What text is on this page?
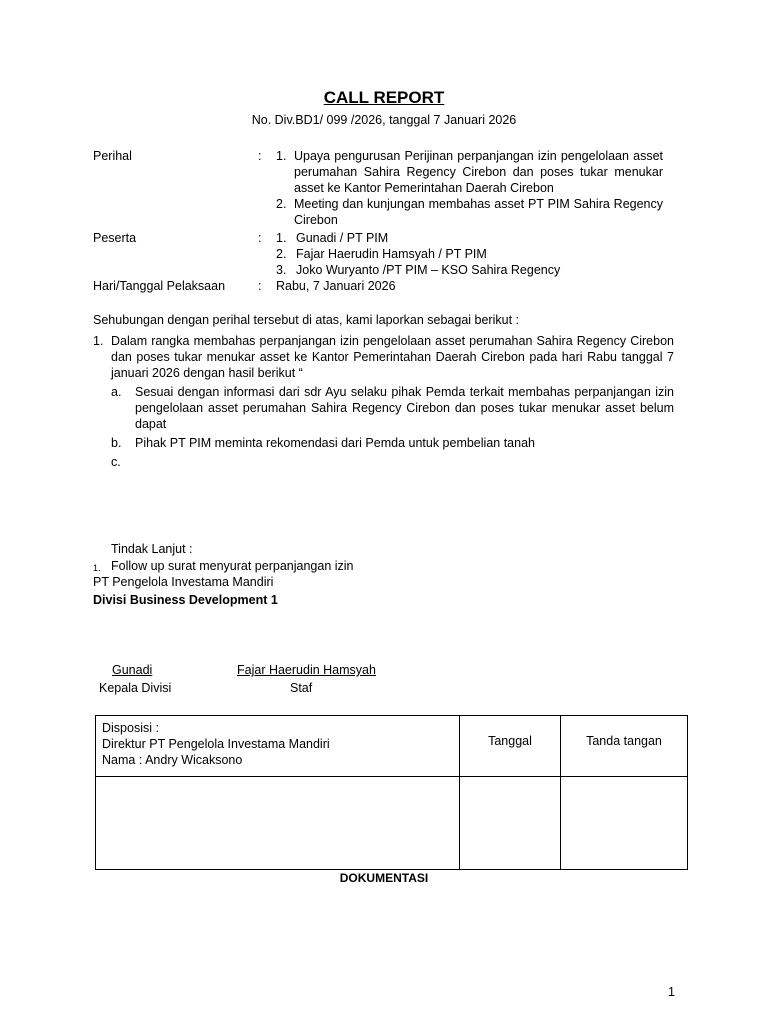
CALL REPORT
No. Div.BD1/ 099 /2026, tanggal 7 Januari 2026
Perihal	: 1. Upaya pengurusan Perijinan perpanjangan izin pengelolaan asset perumahan Sahira Regency Cirebon dan poses tukar menukar asset ke Kantor Pemerintahan Daerah Cirebon
2. Meeting dan kunjungan membahas asset PT PIM Sahira Regency Cirebon
Peserta	: 1. Gunadi / PT PIM
2. Fajar Haerudin Hamsyah / PT PIM
3. Joko Wuryanto /PT PIM – KSO Sahira Regency
Hari/Tanggal Pelaksaan	: Rabu, 7 Januari 2026
Sehubungan dengan perihal tersebut di atas, kami laporkan sebagai berikut :
1. Dalam rangka membahas perpanjangan izin pengelolaan asset perumahan Sahira Regency Cirebon dan poses tukar menukar asset ke Kantor Pemerintahan Daerah Cirebon pada hari Rabu tanggal 7 januari 2026 dengan hasil berikut “
a. Sesuai dengan informasi dari sdr Ayu selaku pihak Pemda terkait membahas perpanjangan izin pengelolaan asset perumahan Sahira Regency Cirebon dan poses tukar menukar asset belum dapat
b. Pihak PT PIM meminta rekomendasi dari Pemda untuk pembelian tanah
c.
Tindak Lanjut :
1. Follow up surat menyurat perpanjangan izin
PT Pengelola Investama Mandiri
Divisi Business Development 1
Gunadi
Kepala Divisi
Fajar Haerudin Hamsyah
Staf
Disposisi :
Direktur PT Pengelola Investama Mandiri
Nama : Andry Wicaksono	Tanggal	Tanda tangan

DOKUMENTASI
1
